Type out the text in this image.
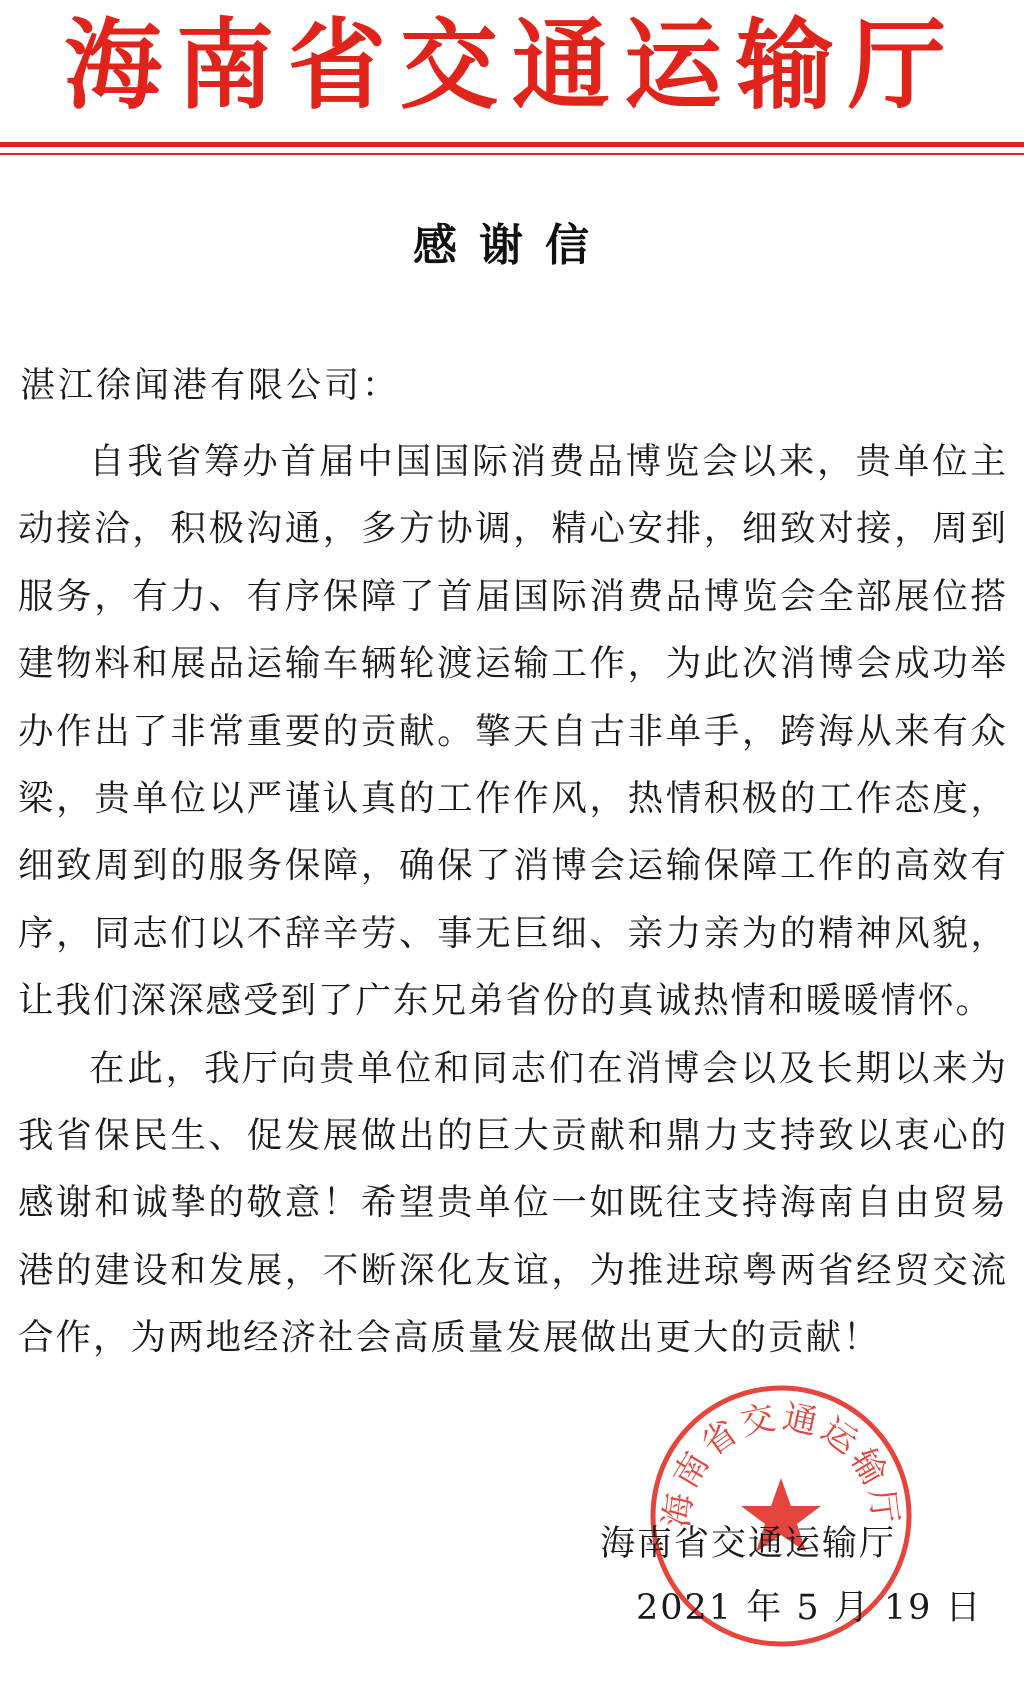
海南省交通运输厅
感谢信
湛江徐闻港有限公司：

自我省筹办首届中国国际消费品博览会以来，贵单位主动接洽，积极沟通，多方协调，精心安排，细致对接，周到服务，有力、有序保障了首届国际消费品博览会全部展位搭建物料和展品运输车辆轮渡运输工作，为此次消博会成功举办作出了非常重要的贡献。擎天自古非单手，跨海从来有众梁，贵单位以严谨认真的工作作风，热情积极的工作态度，细致周到的服务保障，确保了消博会运输保障工作的高效有序，同志们以不辞辛劳、事无巨细、亲力亲为的精神风貌，让我们深深感受到了广东兄弟省份的真诚热情和暖暖情怀。

在此，我厅向贵单位和同志们在消博会以及长期以来为我省保民生、促发展做出的巨大贡献和鼎力支持致以衷心的感谢和诚挚的敬意！希望贵单位一如既往支持海南自由贸易港的建设和发展，不断深化友谊，为推进琼粤两省经贸交流合作，为两地经济社会高质量发展做出更大的贡献！

海南省交通运输厅
海南省交通运输厅
2021 年 5 月 19 日
